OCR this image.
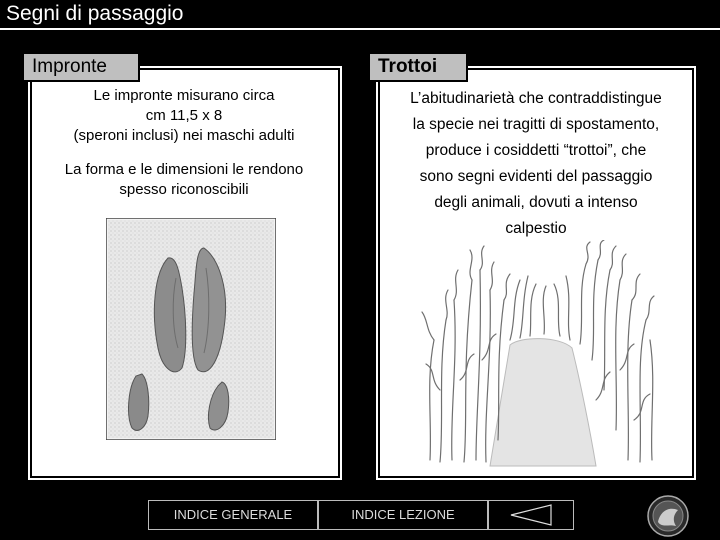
Segni di passaggio
Impronte
Le impronte misurano circa
cm 11,5 x 8
(speroni inclusi) nei maschi adulti
La forma e le dimensioni le rendono
spesso riconoscibili
Trottoi
L’abitudinarietà che contraddistingue
la specie nei tragitti di spostamento,
produce i cosiddetti “trottoi”, che
sono segni evidenti del passaggio
degli animali, dovuti a intenso
calpestio
INDICE GENERALE	INDICE LEZIONE
